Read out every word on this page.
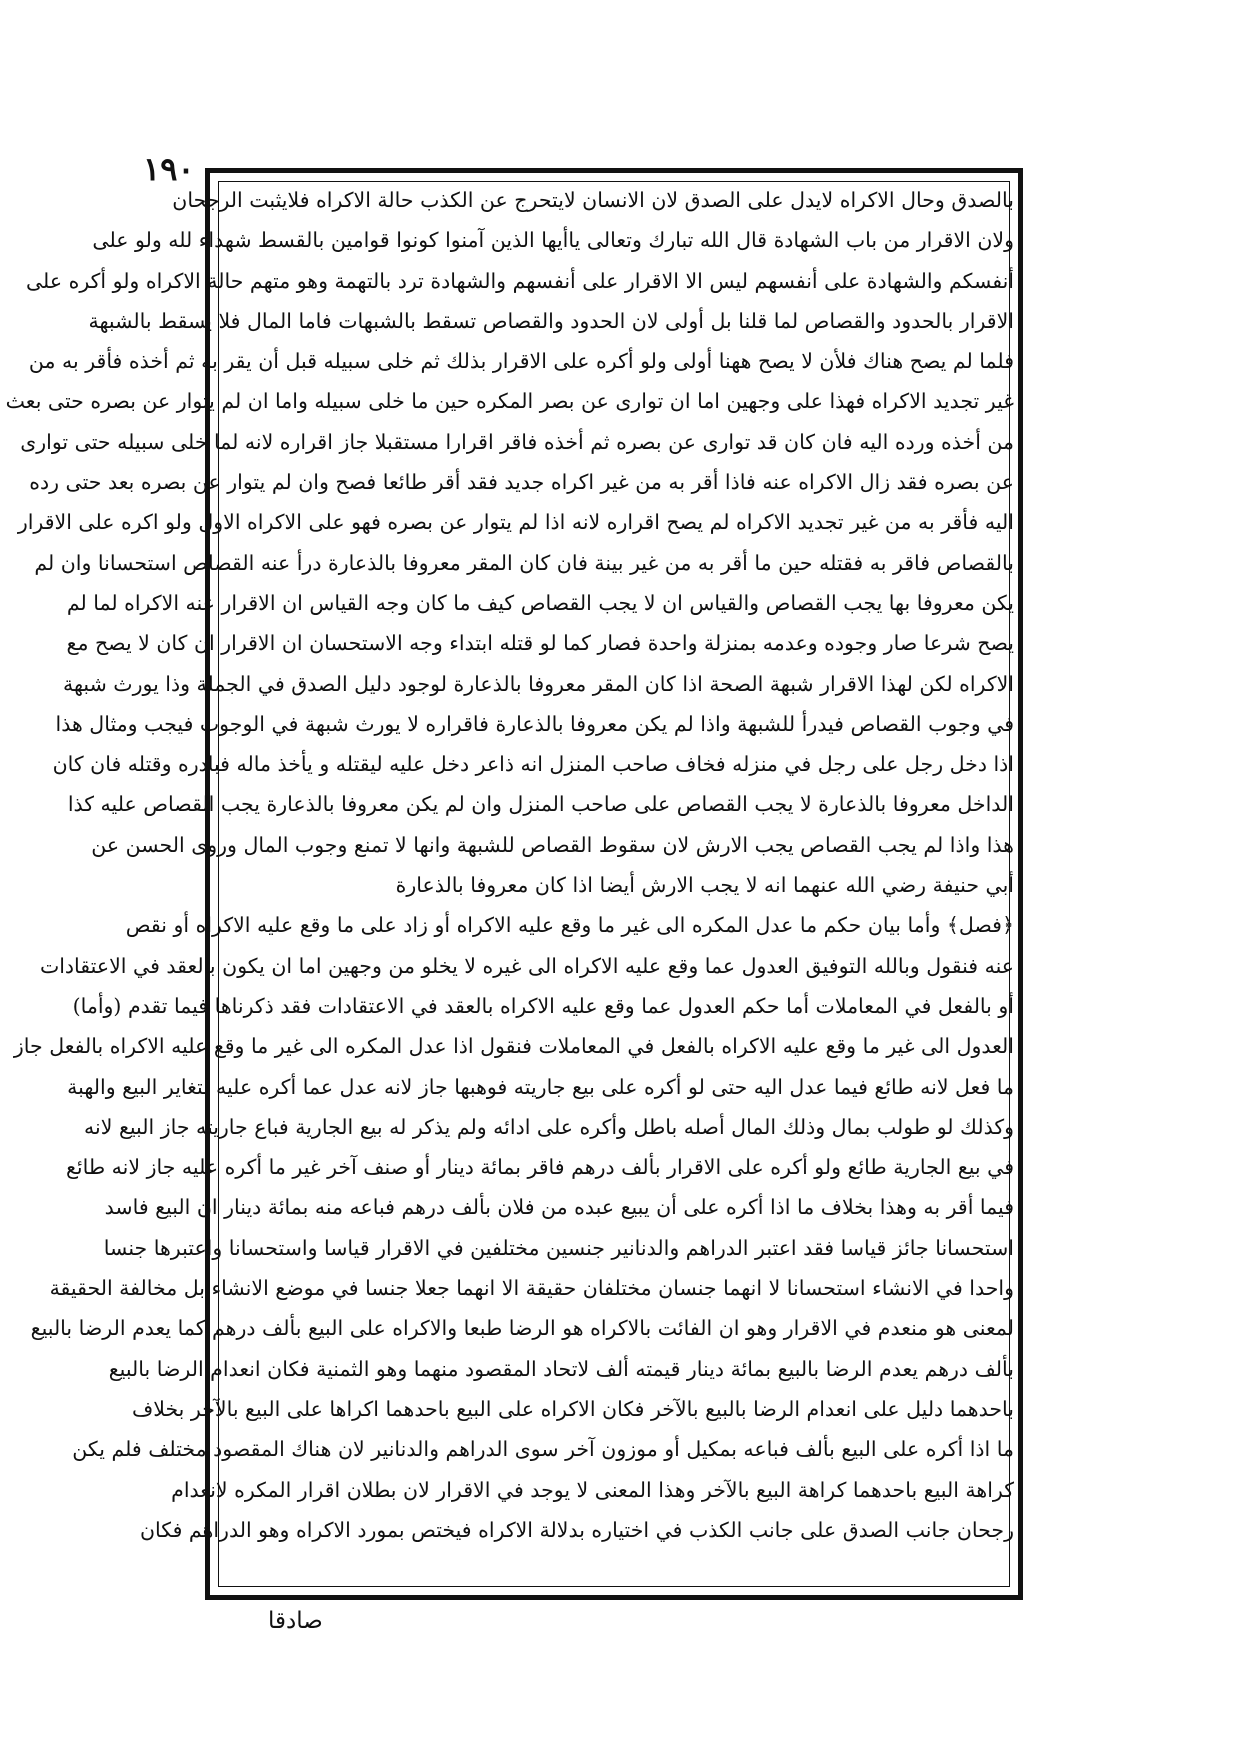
١٩٠
بالصدق وحال الاكراه لايدل على الصدق لان الانسان لايتحرج عن الكذب حالة الاكراه فلايثبت الرجحان
ولان الاقرار من باب الشهادة قال الله تبارك وتعالى ياأيها الذين آمنوا كونوا قوامين بالقسط شهداء لله ولو على
أنفسكم والشهادة على أنفسهم ليس الا الاقرار على أنفسهم والشهادة ترد بالتهمة وهو متهم حالة الاكراه ولو أكره على
الاقرار بالحدود والقصاص لما قلنا بل أولى لان الحدود والقصاص تسقط بالشبهات فاما المال فلا يسقط بالشبهة
فلما لم يصح هناك فلأن لا يصح ههنا أولى ولو أكره على الاقرار بذلك ثم خلى سبيله قبل أن يقر به ثم أخذه فأقر به من
غير تجديد الاكراه فهذا على وجهين اما ان توارى عن بصر المكره حين ما خلى سبيله واما ان لم يتوار عن بصره حتى بعث
من أخذه ورده اليه فان كان قد توارى عن بصره ثم أخذه فاقر اقرارا مستقبلا جاز اقراره لانه لما خلى سبيله حتى توارى
عن بصره فقد زال الاكراه عنه فاذا أقر به من غير اكراه جديد فقد أقر طائعا فصح وان لم يتوار عن بصره بعد حتى رده
اليه فأقر به من غير تجديد الاكراه لم يصح اقراره لانه اذا لم يتوار عن بصره فهو على الاكراه الاول ولو اكره على الاقرار
بالقصاص فاقر به فقتله حين ما أقر به من غير بينة فان كان المقر معروفا بالذعارة درأ عنه القصاص استحسانا وان لم
يكن معروفا بها يجب القصاص والقياس ان لا يجب القصاص كيف ما كان وجه القياس ان الاقرار عنه الاكراه لما لم
يصح شرعا صار وجوده وعدمه بمنزلة واحدة فصار كما لو قتله ابتداء وجه الاستحسان ان الاقرار ان كان لا يصح مع
الاكراه لكن لهذا الاقرار شبهة الصحة اذا كان المقر معروفا بالذعارة لوجود دليل الصدق في الجملة وذا يورث شبهة
في وجوب القصاص فيدرأ للشبهة واذا لم يكن معروفا بالذعارة فاقراره لا يورث شبهة في الوجوب فيجب ومثال هذا
اذا دخل رجل على رجل في منزله فخاف صاحب المنزل انه ذاعر دخل عليه ليقتله و يأخذ ماله فبادره وقتله فان كان
الداخل معروفا بالذعارة لا يجب القصاص على صاحب المنزل وان لم يكن معروفا بالذعارة يجب القصاص عليه كذا
هذا واذا لم يجب القصاص يجب الارش لان سقوط القصاص للشبهة وانها لا تمنع وجوب المال وروى الحسن عن
أبي حنيفة رضي الله عنهما انه لا يجب الارش أيضا اذا كان معروفا بالذعارة
﴿فصل﴾ وأما بيان حكم ما عدل المكره الى غير ما وقع عليه الاكراه أو زاد على ما وقع عليه الاكراه أو نقص
عنه فنقول وبالله التوفيق العدول عما وقع عليه الاكراه الى غيره لا يخلو من وجهين اما ان يكون بالعقد في الاعتقادات
أو بالفعل في المعاملات أما حكم العدول عما وقع عليه الاكراه بالعقد في الاعتقادات فقد ذكرناها فيما تقدم (وأما)
العدول الى غير ما وقع عليه الاكراه بالفعل في المعاملات فنقول اذا عدل المكره الى غير ما وقع عليه الاكراه بالفعل جاز
ما فعل لانه طائع فيما عدل اليه حتى لو أكره على بيع جاريته فوهبها جاز لانه عدل عما أكره عليه لتغاير البيع والهبة
وكذلك لو طولب بمال وذلك المال أصله باطل وأكره على ادائه ولم يذكر له بيع الجارية فباع جاريته جاز البيع لانه
في بيع الجارية طائع ولو أكره على الاقرار بألف درهم فاقر بمائة دينار أو صنف آخر غير ما أكره عليه جاز لانه طائع
فيما أقر به وهذا بخلاف ما اذا أكره على أن يبيع عبده من فلان بألف درهم فباعه منه بمائة دينار ان البيع فاسد
استحسانا جائز قياسا فقد اعتبر الدراهم والدنانير جنسين مختلفين في الاقرار قياسا واستحسانا واعتبرها جنسا
واحدا في الانشاء استحسانا لا انهما جنسان مختلفان حقيقة الا انهما جعلا جنسا في موضع الانشاء بل مخالفة الحقيقة
لمعنى هو منعدم في الاقرار وهو ان الفائت بالاكراه هو الرضا طبعا والاكراه على البيع بألف درهم كما يعدم الرضا بالبيع
بألف درهم يعدم الرضا بالبيع بمائة دينار قيمته ألف لاتحاد المقصود منهما وهو الثمنية فكان انعدام الرضا بالبيع
باحدهما دليل على انعدام الرضا بالبيع بالآخر فكان الاكراه على البيع باحدهما اكراها على البيع بالآخر بخلاف
ما اذا أكره على البيع بألف فباعه بمكيل أو موزون آخر سوى الدراهم والدنانير لان هناك المقصود مختلف فلم يكن
كراهة البيع باحدهما كراهة البيع بالآخر وهذا المعنى لا يوجد في الاقرار لان بطلان اقرار المكره لانعدام
رجحان جانب الصدق على جانب الكذب في اختياره بدلالة الاكراه فيختص بمورد الاكراه وهو الدراهم فكان
صادقا
